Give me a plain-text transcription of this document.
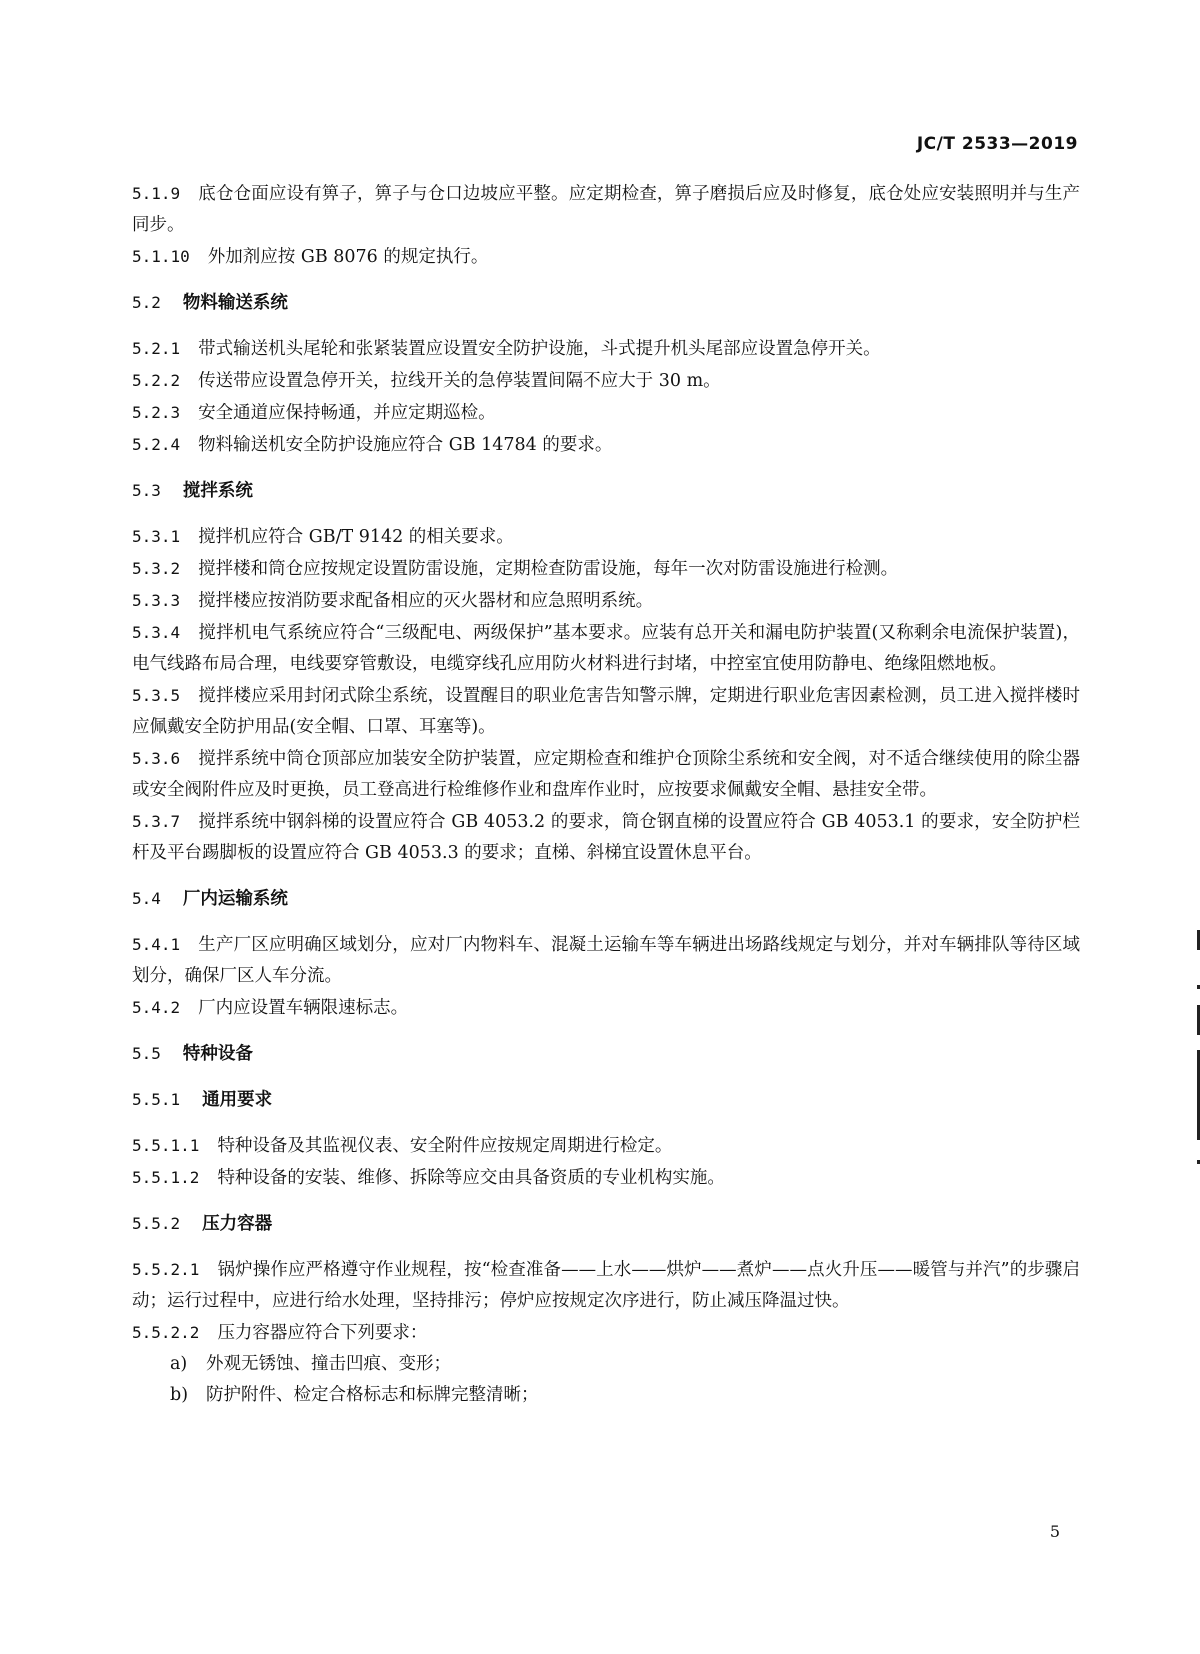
JC/T 2533—2019
5.1.9 底仓仓面应设有箅子，箅子与仓口边坡应平整。应定期检查，箅子磨损后应及时修复，底仓处应安装照明并与生产同步。
5.1.10 外加剂应按 GB 8076 的规定执行。
5.2 物料输送系统
5.2.1 带式输送机头尾轮和张紧装置应设置安全防护设施，斗式提升机头尾部应设置急停开关。
5.2.2 传送带应设置急停开关，拉线开关的急停装置间隔不应大于 30 m。
5.2.3 安全通道应保持畅通，并应定期巡检。
5.2.4 物料输送机安全防护设施应符合 GB 14784 的要求。
5.3 搅拌系统
5.3.1 搅拌机应符合 GB/T 9142 的相关要求。
5.3.2 搅拌楼和筒仓应按规定设置防雷设施，定期检查防雷设施，每年一次对防雷设施进行检测。
5.3.3 搅拌楼应按消防要求配备相应的灭火器材和应急照明系统。
5.3.4 搅拌机电气系统应符合“三级配电、两级保护”基本要求。应装有总开关和漏电防护装置(又称剩余电流保护装置)，电气线路布局合理，电线要穿管敷设，电缆穿线孔应用防火材料进行封堵，中控室宜使用防静电、绝缘阻燃地板。
5.3.5 搅拌楼应采用封闭式除尘系统，设置醒目的职业危害告知警示牌，定期进行职业危害因素检测，员工进入搅拌楼时应佩戴安全防护用品(安全帽、口罩、耳塞等)。
5.3.6 搅拌系统中筒仓顶部应加装安全防护装置，应定期检查和维护仓顶除尘系统和安全阀，对不适合继续使用的除尘器或安全阀附件应及时更换，员工登高进行检维修作业和盘库作业时，应按要求佩戴安全帽、悬挂安全带。
5.3.7 搅拌系统中钢斜梯的设置应符合 GB 4053.2 的要求，筒仓钢直梯的设置应符合 GB 4053.1 的要求，安全防护栏杆及平台踢脚板的设置应符合 GB 4053.3 的要求；直梯、斜梯宜设置休息平台。
5.4 厂内运输系统
5.4.1 生产厂区应明确区域划分，应对厂内物料车、混凝土运输车等车辆进出场路线规定与划分，并对车辆排队等待区域划分，确保厂区人车分流。
5.4.2 厂内应设置车辆限速标志。
5.5 特种设备
5.5.1 通用要求
5.5.1.1 特种设备及其监视仪表、安全附件应按规定周期进行检定。
5.5.1.2 特种设备的安装、维修、拆除等应交由具备资质的专业机构实施。
5.5.2 压力容器
5.5.2.1 锅炉操作应严格遵守作业规程，按“检查准备——上水——烘炉——煮炉——点火升压——暖管与并汽”的步骤启动；运行过程中，应进行给水处理，坚持排污；停炉应按规定次序进行，防止减压降温过快。
5.5.2.2 压力容器应符合下列要求：
a) 外观无锈蚀、撞击凹痕、变形；
b) 防护附件、检定合格标志和标牌完整清晰；
5
